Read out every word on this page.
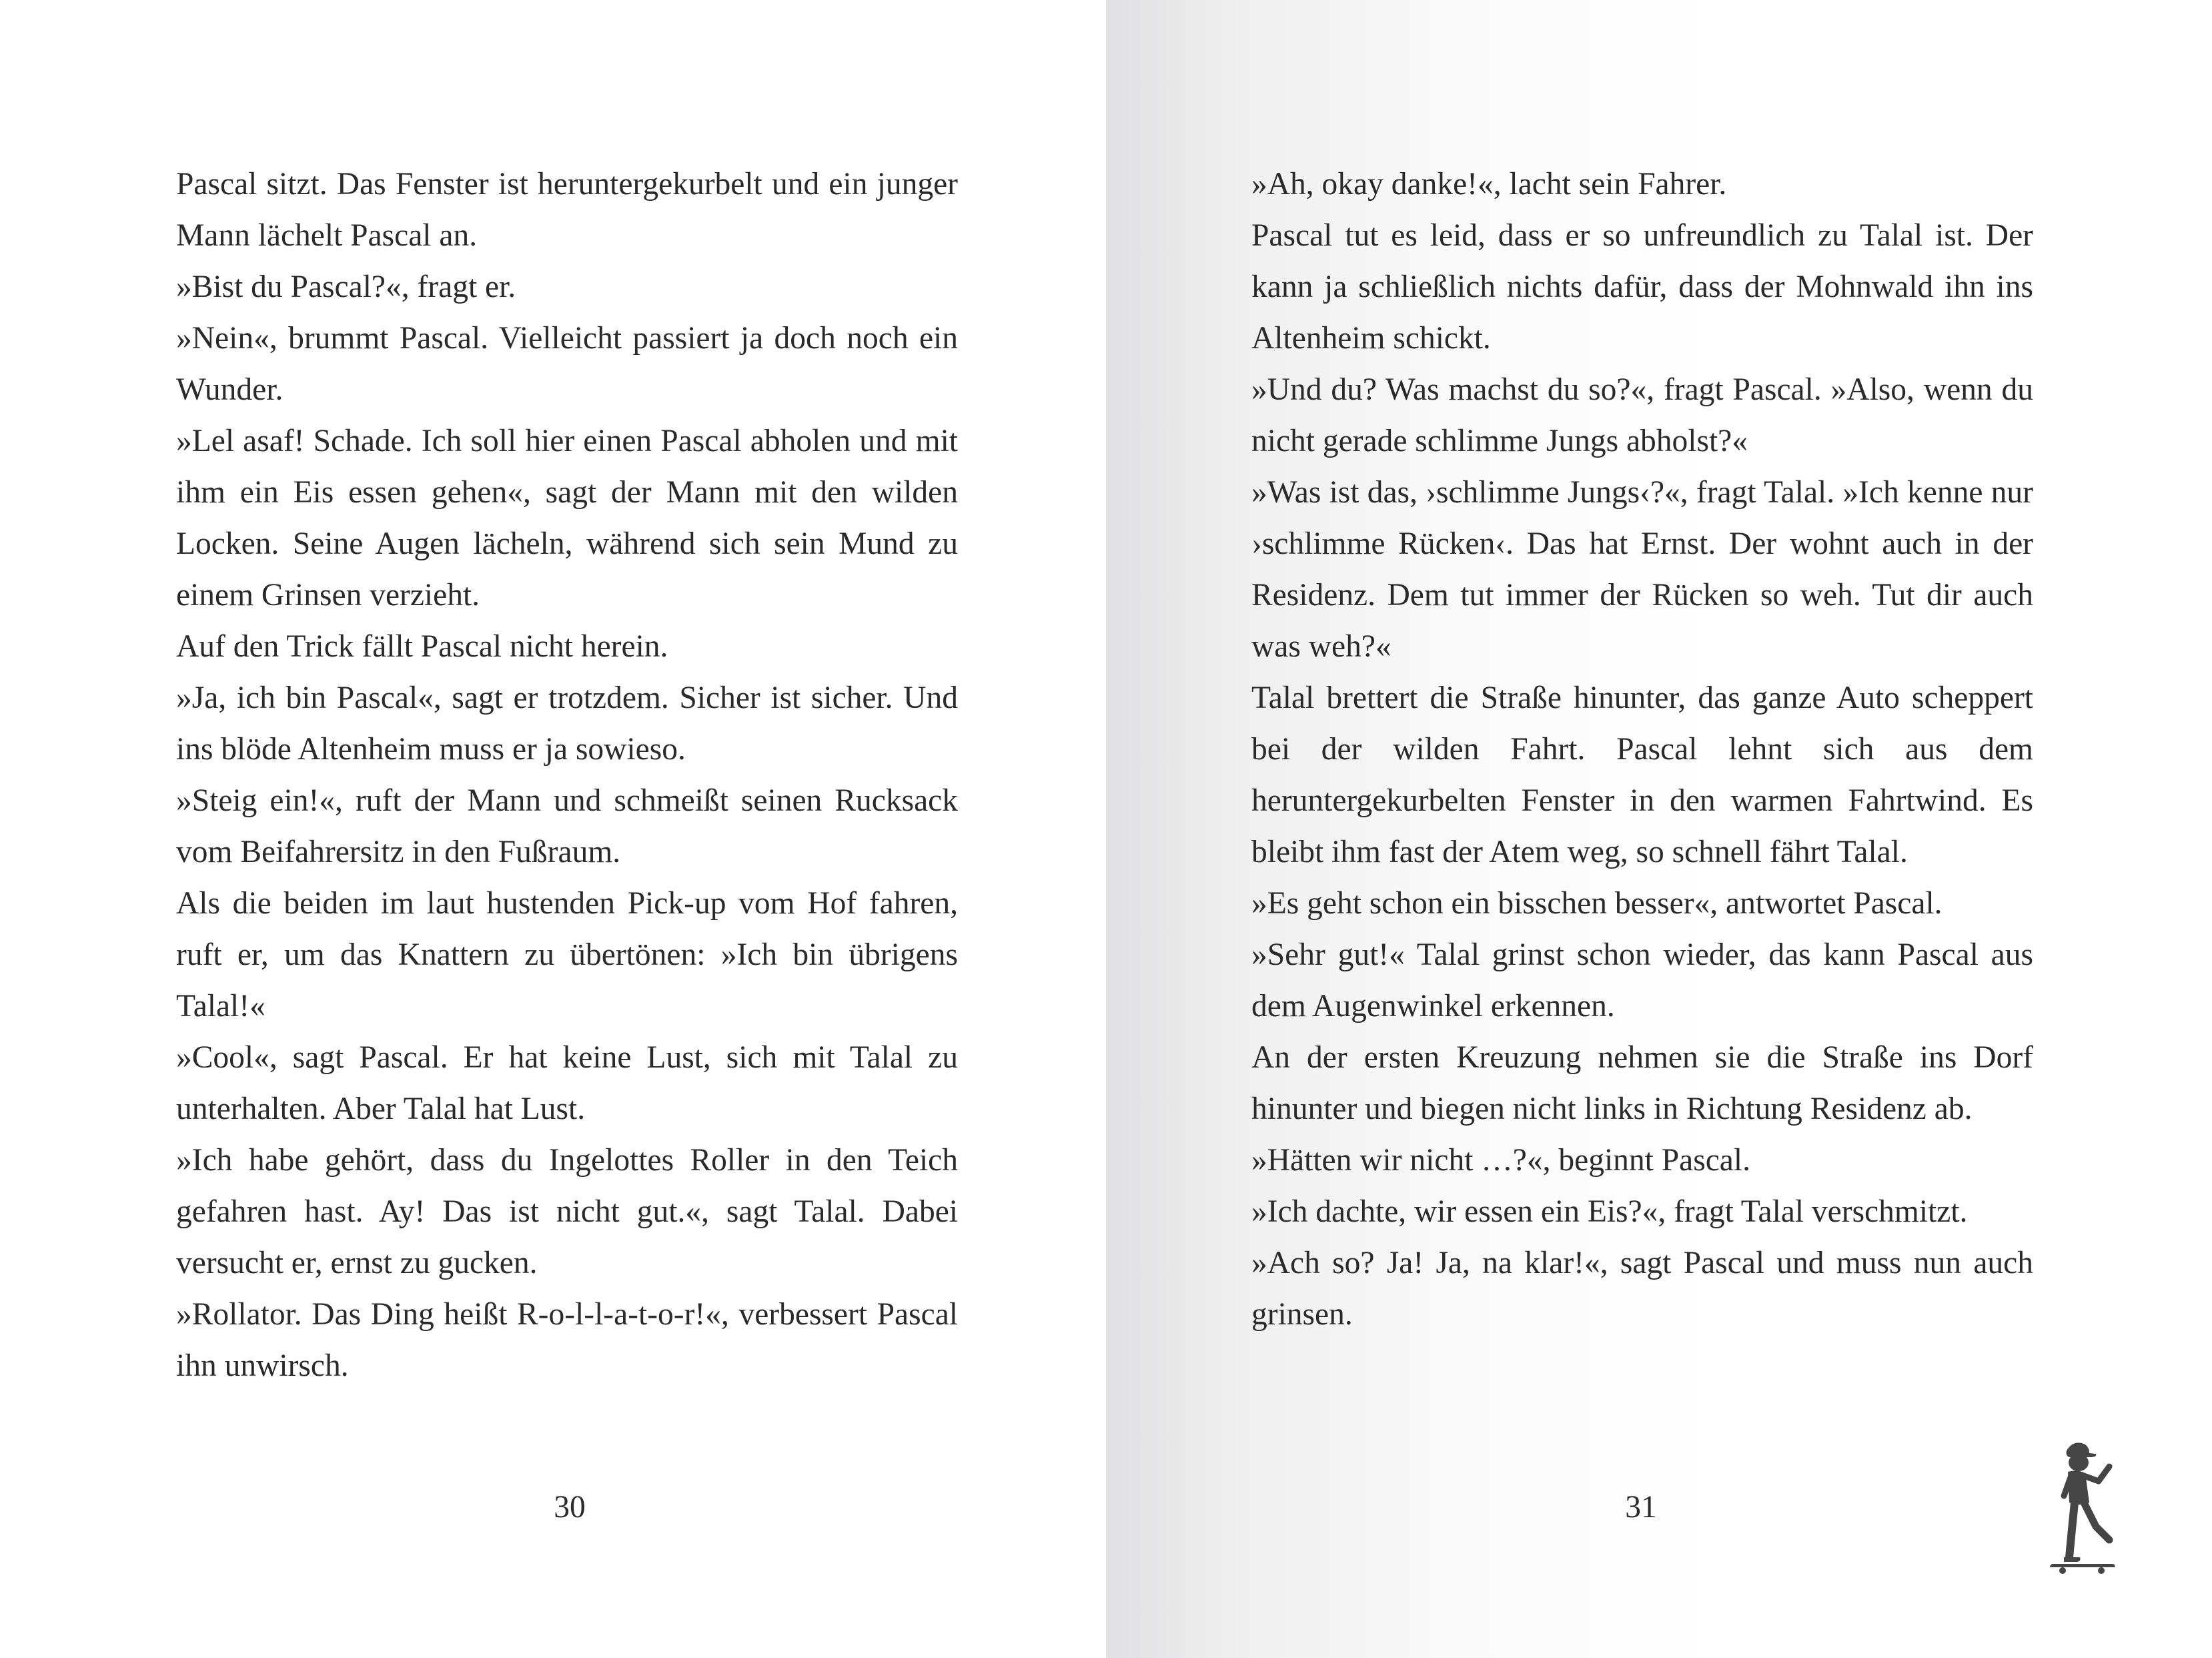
Pascal sitzt. Das Fenster ist heruntergekurbelt und ein junger Mann lächelt Pascal an.

»Bist du Pascal?«, fragt er.

»Nein«, brummt Pascal. Vielleicht passiert ja doch noch ein Wunder.

»Lel asaf! Schade. Ich soll hier einen Pascal abholen und mit ihm ein Eis essen gehen«, sagt der Mann mit den wilden Locken. Seine Augen lächeln, während sich sein Mund zu einem Grinsen verzieht.

Auf den Trick fällt Pascal nicht herein.

»Ja, ich bin Pascal«, sagt er trotzdem. Sicher ist sicher. Und ins blöde Altenheim muss er ja sowieso.

»Steig ein!«, ruft der Mann und schmeißt seinen Rucksack vom Beifahrersitz in den Fußraum.

Als die beiden im laut hustenden Pick-up vom Hof fahren, ruft er, um das Knattern zu übertönen: »Ich bin übrigens Talal!«

»Cool«, sagt Pascal. Er hat keine Lust, sich mit Talal zu unterhalten. Aber Talal hat Lust.

»Ich habe gehört, dass du Ingelottes Roller in den Teich gefahren hast. Ay! Das ist nicht gut.«, sagt Talal. Dabei versucht er, ernst zu gucken.

»Rollator. Das Ding heißt R-o-l-l-a-t-o-r!«, verbessert Pascal ihn unwirsch.

30

»Ah, okay danke!«, lacht sein Fahrer.

Pascal tut es leid, dass er so unfreundlich zu Talal ist. Der kann ja schließlich nichts dafür, dass der Mohnwald ihn ins Altenheim schickt.

»Und du? Was machst du so?«, fragt Pascal. »Also, wenn du nicht gerade schlimme Jungs abholst?«

»Was ist das, ›schlimme Jungs‹?«, fragt Talal. »Ich kenne nur ›schlimme Rücken‹. Das hat Ernst. Der wohnt auch in der Residenz. Dem tut immer der Rücken so weh. Tut dir auch was weh?«

Talal brettert die Straße hinunter, das ganze Auto scheppert bei der wilden Fahrt. Pascal lehnt sich aus dem heruntergekurbelten Fenster in den warmen Fahrtwind. Es bleibt ihm fast der Atem weg, so schnell fährt Talal.

»Es geht schon ein bisschen besser«, antwortet Pascal.

»Sehr gut!« Talal grinst schon wieder, das kann Pascal aus dem Augenwinkel erkennen.

An der ersten Kreuzung nehmen sie die Straße ins Dorf hinunter und biegen nicht links in Richtung Residenz ab.

»Hätten wir nicht …?«, beginnt Pascal.

»Ich dachte, wir essen ein Eis?«, fragt Talal verschmitzt.

»Ach so? Ja! Ja, na klar!«, sagt Pascal und muss nun auch grinsen.

31
